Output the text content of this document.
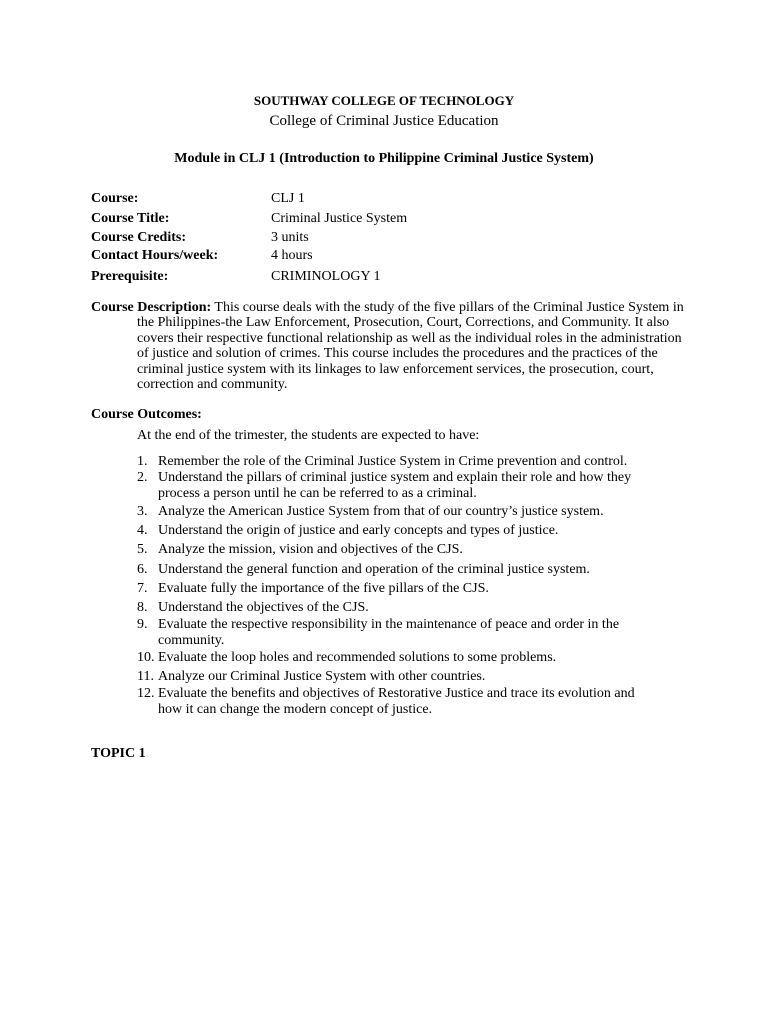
SOUTHWAY COLLEGE OF TECHNOLOGY
College of Criminal Justice Education
Module in CLJ 1 (Introduction to Philippine Criminal Justice System)
Course:	CLJ 1
Course Title:	Criminal Justice System
Course Credits:	3 units
Contact Hours/week:	4 hours
Prerequisite:	CRIMINOLOGY 1
Course Description: This course deals with the study of the five pillars of the Criminal Justice System in
the Philippines-the Law Enforcement, Prosecution, Court, Corrections, and Community. It also
covers their respective functional relationship as well as the individual roles in the administration
of justice and solution of crimes. This course includes the procedures and the practices of the
criminal justice system with its linkages to law enforcement services, the prosecution, court,
correction and community.
Course Outcomes:
At the end of the trimester, the students are expected to have:
1. Remember the role of the Criminal Justice System in Crime prevention and control.
2. Understand the pillars of criminal justice system and explain their role and how they
process a person until he can be referred to as a criminal.
3. Analyze the American Justice System from that of our country’s justice system.
4. Understand the origin of justice and early concepts and types of justice.
5. Analyze the mission, vision and objectives of the CJS.
6. Understand the general function and operation of the criminal justice system.
7. Evaluate fully the importance of the five pillars of the CJS.
8. Understand the objectives of the CJS.
9. Evaluate the respective responsibility in the maintenance of peace and order in the
community.
10. Evaluate the loop holes and recommended solutions to some problems.
11. Analyze our Criminal Justice System with other countries.
12. Evaluate the benefits and objectives of Restorative Justice and trace its evolution and
how it can change the modern concept of justice.
TOPIC 1
